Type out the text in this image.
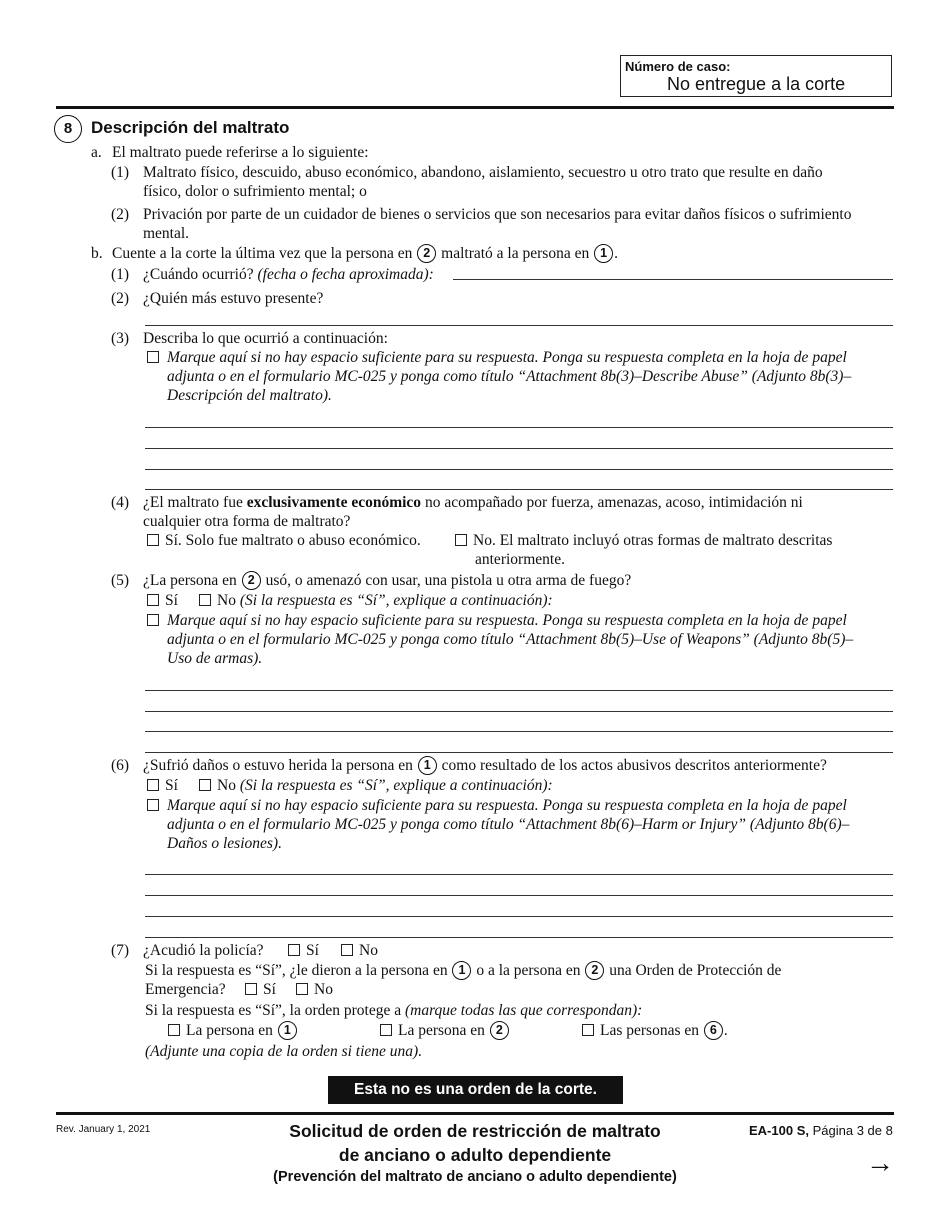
Número de caso:
No entregue a la corte
8	Descripción del maltrato
a. El maltrato puede referirse a lo siguiente:
(1) Maltrato físico, descuido, abuso económico, abandono, aislamiento, secuestro u otro trato que resulte en daño
físico, dolor o sufrimiento mental; o
(2) Privación por parte de un cuidador de bienes o servicios que son necesarios para evitar daños físicos o sufrimiento
mental.
b. Cuente a la corte la última vez que la persona en 2 maltrató a la persona en 1 .
(1) ¿Cuándo ocurrió? (fecha o fecha aproximada):
(2) ¿Quién más estuvo presente?
(3) Describa lo que ocurrió a continuación:
Marque aquí si no hay espacio suficiente para su respuesta. Ponga su respuesta completa en la hoja de papel
adjunta o en el formulario MC-025 y ponga como título “Attachment 8b(3)–Describe Abuse” (Adjunto 8b(3)–
Descripción del maltrato).
(4) ¿El maltrato fue exclusivamente económico no acompañado por fuerza, amenazas, acoso, intimidación ni
cualquier otra forma de maltrato?
Sí. Solo fue maltrato o abuso económico.	No. El maltrato incluyó otras formas de maltrato descritas
anteriormente.
(5) ¿La persona en 2 usó, o amenazó con usar, una pistola u otra arma de fuego?
Sí	No (Si la respuesta es “Sí”, explique a continuación):
Marque aquí si no hay espacio suficiente para su respuesta. Ponga su respuesta completa en la hoja de papel
adjunta o en el formulario MC-025 y ponga como título “Attachment 8b(5)–Use of Weapons” (Adjunto 8b(5)–
Uso de armas).
(6) ¿Sufrió daños o estuvo herida la persona en 1 como resultado de los actos abusivos descritos anteriormente?
Sí	No (Si la respuesta es “Sí”, explique a continuación):
Marque aquí si no hay espacio suficiente para su respuesta. Ponga su respuesta completa en la hoja de papel
adjunta o en el formulario MC-025 y ponga como título “Attachment 8b(6)–Harm or Injury” (Adjunto 8b(6)–
Daños o lesiones).
(7) ¿Acudió la policía?	Sí	No
Si la respuesta es “Sí”, ¿le dieron a la persona en 1 o a la persona en 2 una Orden de Protección de
Emergencia?	Sí	No
Si la respuesta es “Sí”, la orden protege a (marque todas las que correspondan):
La persona en 1	La persona en 2	Las personas en 6 .
(Adjunte una copia de la orden si tiene una).
Esta no es una orden de la corte.
Rev. January 1, 2021	Solicitud de orden de restricción de maltrato
de anciano o adulto dependiente
(Prevención del maltrato de anciano o adulto dependiente)
EA-100 S, Página 3 de 8
→
